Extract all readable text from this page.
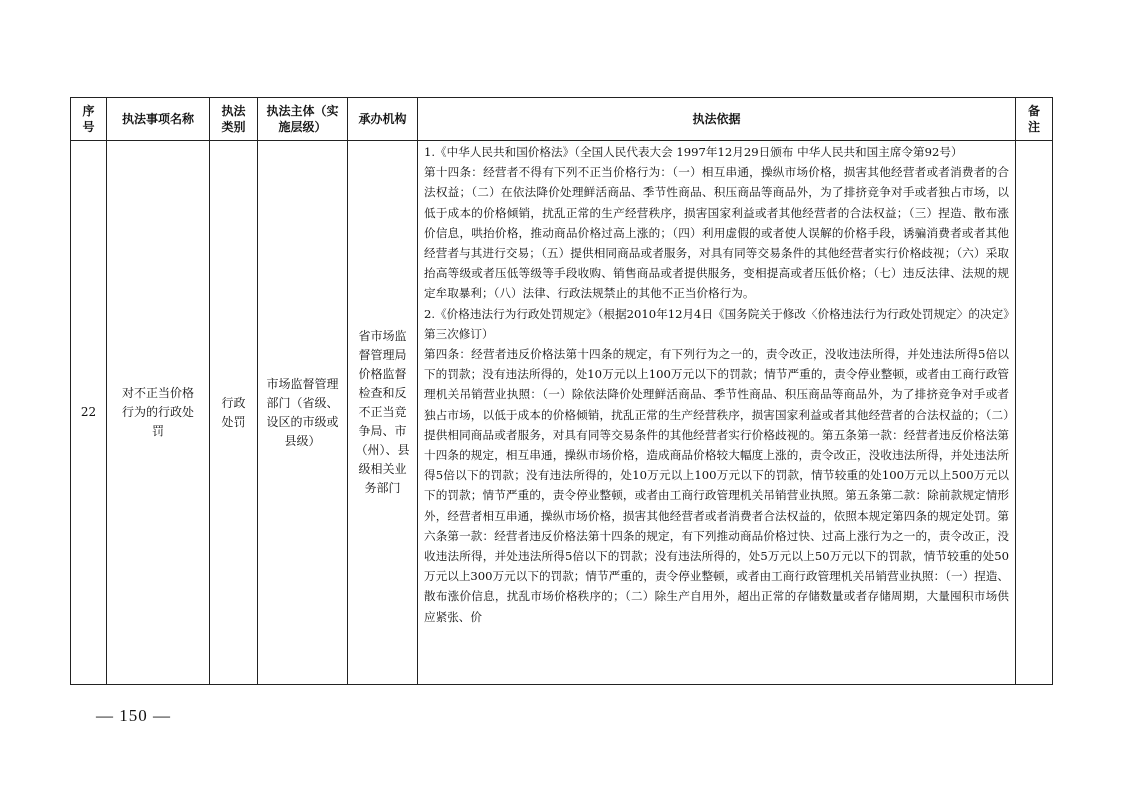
序号	执法事项名称	执法类别	执法主体（实施层级）	承办机构	执法依据	备注
22	对不正当价格行为的行政处罚	行政处罚	市场监督管理部门（省级、设区的市级或县级）	省市场监督管理局价格监督检查和反不正当竞争局、市（州）、县级相关业务部门	1.《中华人民共和国价格法》（全国人民代表大会 1997年12月29日颁布 中华人民共和国主席令第92号）

第十四条：经营者不得有下列不正当价格行为：（一）相互串通，操纵市场价格，损害其他经营者或者消费者的合法权益；（二）在依法降价处理鲜活商品、季节性商品、积压商品等商品外，为了排挤竞争对手或者独占市场，以低于成本的价格倾销，扰乱正常的生产经营秩序，损害国家利益或者其他经营者的合法权益；（三）捏造、散布涨价信息，哄抬价格，推动商品价格过高上涨的；（四）利用虚假的或者使人误解的价格手段，诱骗消费者或者其他经营者与其进行交易；（五）提供相同商品或者服务，对具有同等交易条件的其他经营者实行价格歧视；（六）采取抬高等级或者压低等级等手段收购、销售商品或者提供服务，变相提高或者压低价格；（七）违反法律、法规的规定牟取暴利；（八）法律、行政法规禁止的其他不正当价格行为。

2.《价格违法行为行政处罚规定》（根据2010年12月4日《国务院关于修改〈价格违法行为行政处罚规定〉的决定》第三次修订）

第四条：经营者违反价格法第十四条的规定，有下列行为之一的，责令改正，没收违法所得，并处违法所得5倍以下的罚款；没有违法所得的，处10万元以上100万元以下的罚款；情节严重的，责令停业整顿，或者由工商行政管理机关吊销营业执照：（一）除依法降价处理鲜活商品、季节性商品、积压商品等商品外，为了排挤竞争对手或者独占市场，以低于成本的价格倾销，扰乱正常的生产经营秩序，损害国家利益或者其他经营者的合法权益的；（二）提供相同商品或者服务，对具有同等交易条件的其他经营者实行价格歧视的。第五条第一款：经营者违反价格法第十四条的规定，相互串通，操纵市场价格，造成商品价格较大幅度上涨的，责令改正，没收违法所得，并处违法所得5倍以下的罚款；没有违法所得的，处10万元以上100万元以下的罚款，情节较重的处100万元以上500万元以下的罚款；情节严重的，责令停业整顿，或者由工商行政管理机关吊销营业执照。第五条第二款：除前款规定情形外，经营者相互串通，操纵市场价格，损害其他经营者或者消费者合法权益的，依照本规定第四条的规定处罚。第六条第一款：经营者违反价格法第十四条的规定，有下列推动商品价格过快、过高上涨行为之一的，责令改正，没收违法所得，并处违法所得5倍以下的罚款；没有违法所得的，处5万元以上50万元以下的罚款，情节较重的处50万元以上300万元以下的罚款；情节严重的，责令停业整顿，或者由工商行政管理机关吊销营业执照：（一）捏造、散布涨价信息，扰乱市场价格秩序的；（二）除生产自用外，超出正常的存储数量或者存储周期，大量囤积市场供应紧张、价	

— 150 —
